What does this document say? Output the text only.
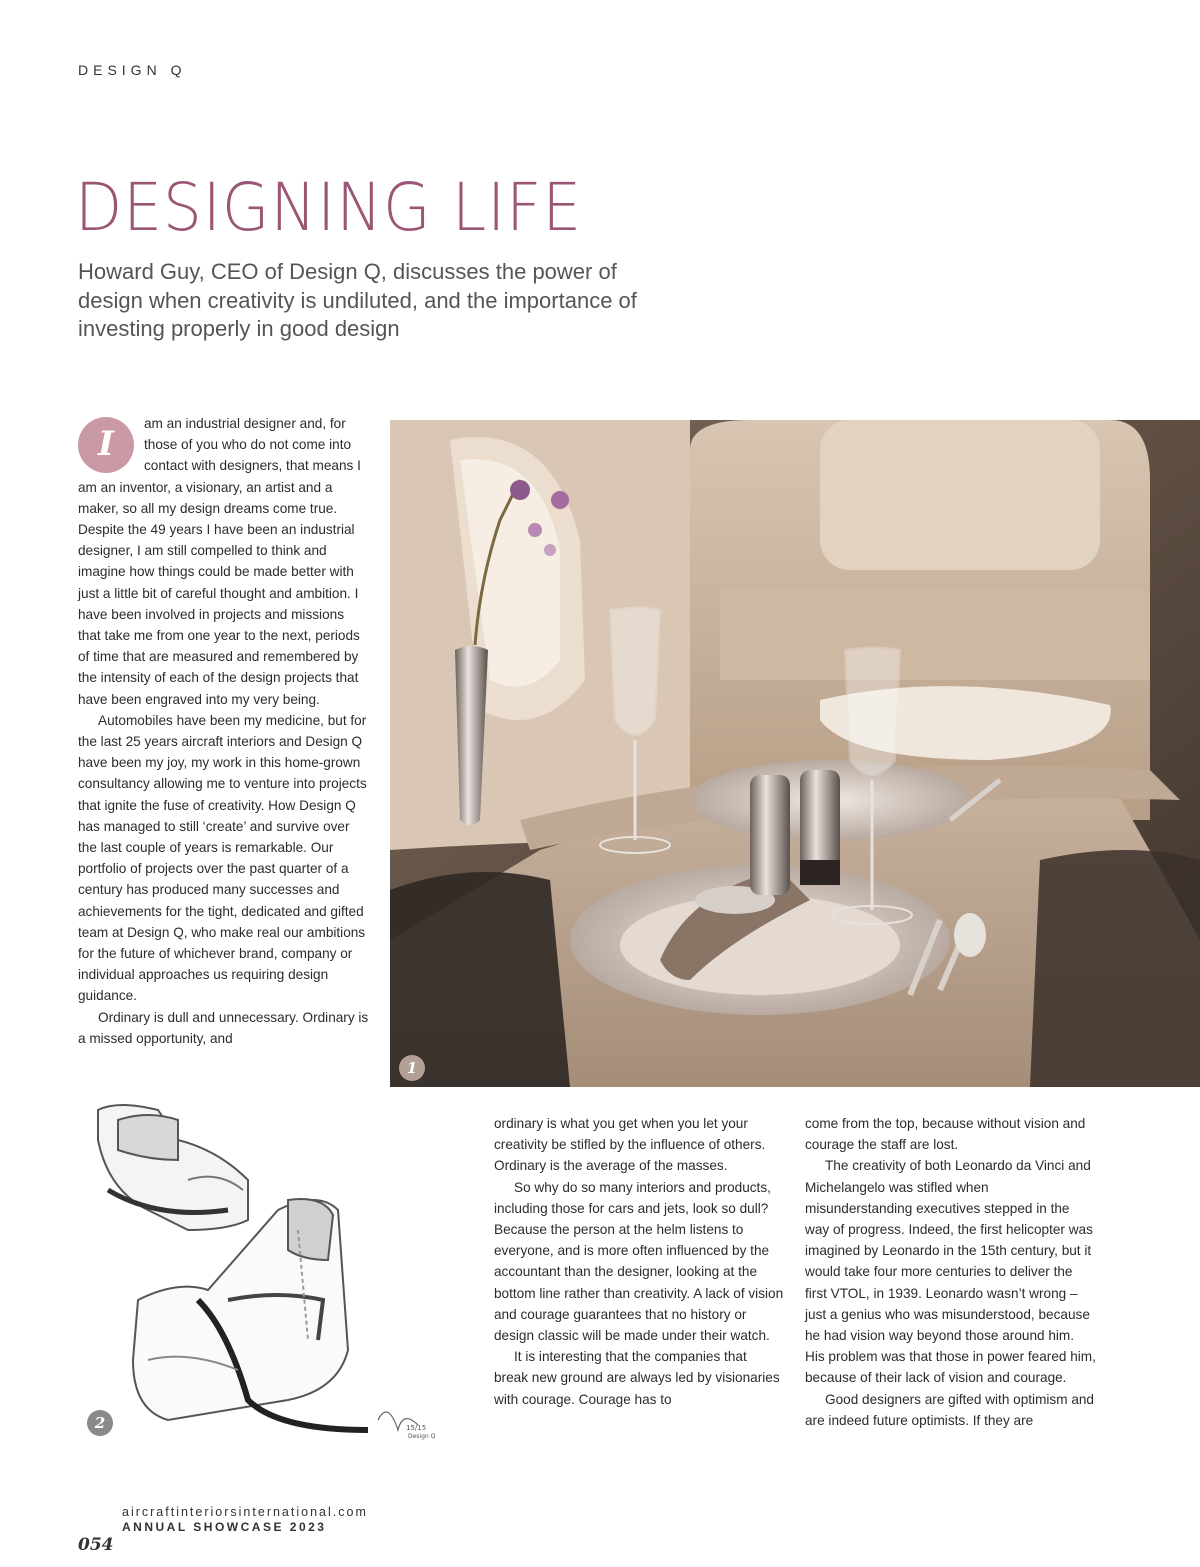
DESIGN Q
DESIGNING LIFE
Howard Guy, CEO of Design Q, discusses the power of design when creativity is undiluted, and the importance of investing properly in good design
I

am an industrial designer and, for those of you who do not come into contact with designers, that means I am an inventor, a visionary, an artist and a maker, so all my design dreams come true. Despite the 49 years I have been an industrial designer, I am still compelled to think and imagine how things could be made better with just a little bit of careful thought and ambition. I have been involved in projects and missions that take me from one year to the next, periods of time that are measured and remembered by the intensity of each of the design projects that have been engraved into my very being.

Automobiles have been my medicine, but for the last 25 years aircraft interiors and Design Q have been my joy, my work in this home-grown consultancy allowing me to venture into projects that ignite the fuse of creativity. How Design Q has managed to still ‘create’ and survive over the last couple of years is remarkable. Our portfolio of projects over the past quarter of a century has produced many successes and achievements for the tight, dedicated and gifted team at Design Q, who make real our ambitions for the future of whichever brand, company or individual approaches us requiring design guidance.

Ordinary is dull and unnecessary. Ordinary is a missed opportunity, and

1
15/15
Design Q
2

ordinary is what you get when you let your creativity be stifled by the influence of others. Ordinary is the average of the masses.

So why do so many interiors and products, including those for cars and jets, look so dull? Because the person at the helm listens to everyone, and is more often influenced by the accountant than the designer, looking at the bottom line rather than creativity. A lack of vision and courage guarantees that no history or design classic will be made under their watch.

It is interesting that the companies that break new ground are always led by visionaries with courage. Courage has to

come from the top, because without vision and courage the staff are lost.

The creativity of both Leonardo da Vinci and Michelangelo was stifled when misunderstanding executives stepped in the way of progress. Indeed, the first helicopter was imagined by Leonardo in the 15th century, but it would take four more centuries to deliver the first VTOL, in 1939. Leonardo wasn’t wrong – just a genius who was misunderstood, because he had vision way beyond those around him. His problem was that those in power feared him, because of their lack of vision and courage.

Good designers are gifted with optimism and are indeed future optimists. If they are

054
aircraftinteriorsinternational.com
ANNUAL SHOWCASE 2023
